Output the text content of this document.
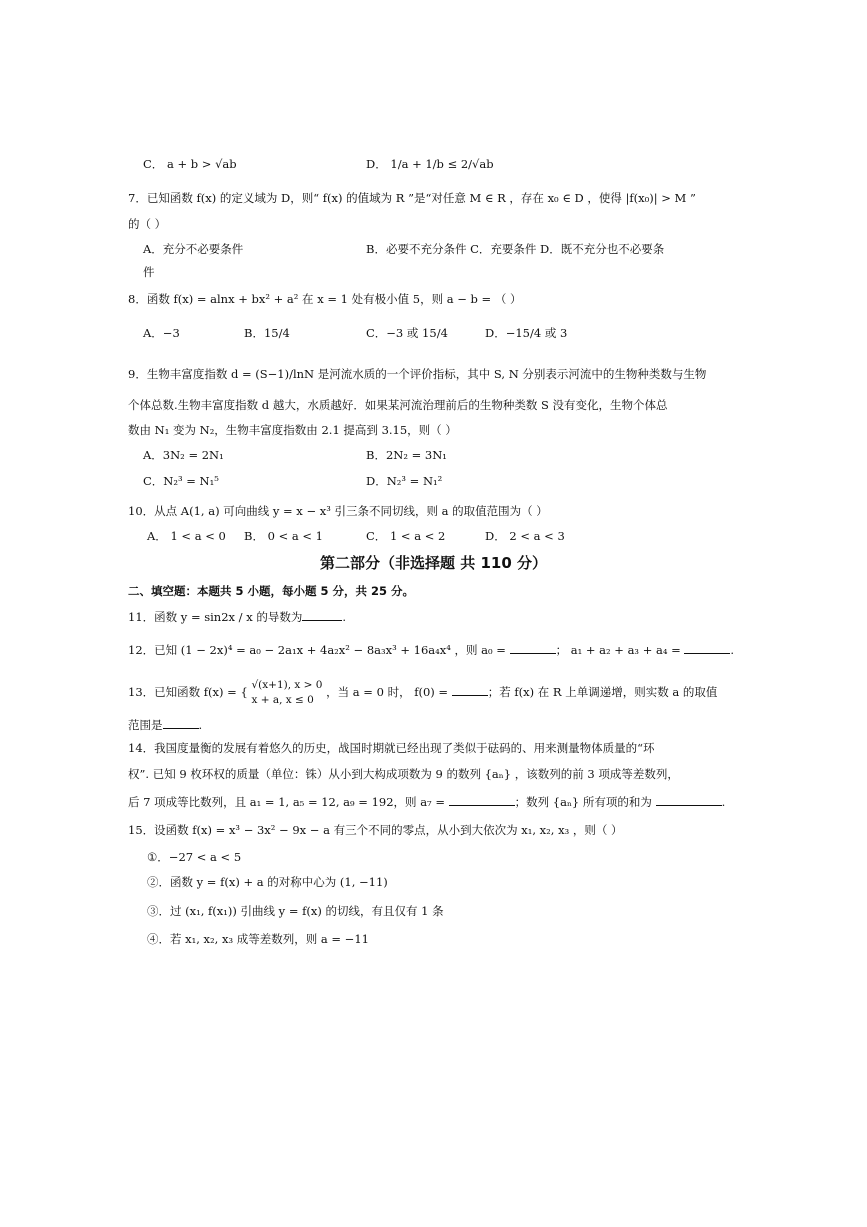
C． a + b > √ab	D． 1/a + 1/b ≤ 2/√ab
7．已知函数 f(x) 的定义域为 D，则“ f(x) 的值域为 R ”是“对任意 M ∈ R ，存在 x₀ ∈ D ，使得 |f(x₀)| > M ”
的（ ）
A．充分不必要条件	B．必要不充分条件 C．充要条件 D．既不充分也不必要条
件
8．函数 f(x) = alnx + bx² + a² 在 x = 1 处有极小值 5，则 a − b = （ ）
A．−3	B．15/4	C．−3 或 15/4	D．−15/4 或 3
9．生物丰富度指数 d = (S−1)/lnN 是河流水质的一个评价指标，其中 S, N 分别表示河流中的生物种类数与生物
个体总数.生物丰富度指数 d 越大，水质越好．如果某河流治理前后的生物种类数 S 没有变化，生物个体总
数由 N₁ 变为 N₂，生物丰富度指数由 2.1 提高到 3.15，则（ ）
A．3N₂ = 2N₁	B．2N₂ = 3N₁
C．N₂³ = N₁⁵	D．N₂³ = N₁²
10．从点 A(1, a) 可向曲线 y = x − x³ 引三条不同切线，则 a 的取值范围为（ ）
A． 1 < a < 0 B． 0 < a < 1	C． 1 < a < 2	D． 2 < a < 3
第二部分（非选择题 共 110 分）
二、填空题：本题共 5 小题，每小题 5 分，共 25 分。
11．函数 y = sin2x / x 的导数为	.
12．已知 (1 − 2x)⁴ = a₀ − 2a₁x + 4a₂x² − 8a₃x³ + 16a₄x⁴ ，则 a₀ =	； a₁ + a₂ + a₃ + a₄ =	.
13．已知函数 f(x) = { √(x+1), x > 0
x + a, x ≤ 0
，当 a = 0 时， f(0) =	；若 f(x) 在 R 上单调递增，则实数 a 的取值
范围是	.
14．我国度量衡的发展有着悠久的历史，战国时期就已经出现了类似于砝码的、用来测量物体质量的“环
权”. 已知 9 枚环权的质量（单位：铢）从小到大构成项数为 9 的数列 {aₙ} ，该数列的前 3 项成等差数列，
后 7 项成等比数列，且 a₁ = 1, a₅ = 12, a₉ = 192，则 a₇ =	；数列 {aₙ} 所有项的和为	.
15．设函数 f(x) = x³ − 3x² − 9x − a 有三个不同的零点，从小到大依次为 x₁, x₂, x₃ ，则（ ）
①．−27 < a < 5
②．函数 y = f(x) + a 的对称中心为 (1, −11)
③．过 (x₁, f(x₁)) 引曲线 y = f(x) 的切线，有且仅有 1 条
④．若 x₁, x₂, x₃ 成等差数列，则 a = −11
